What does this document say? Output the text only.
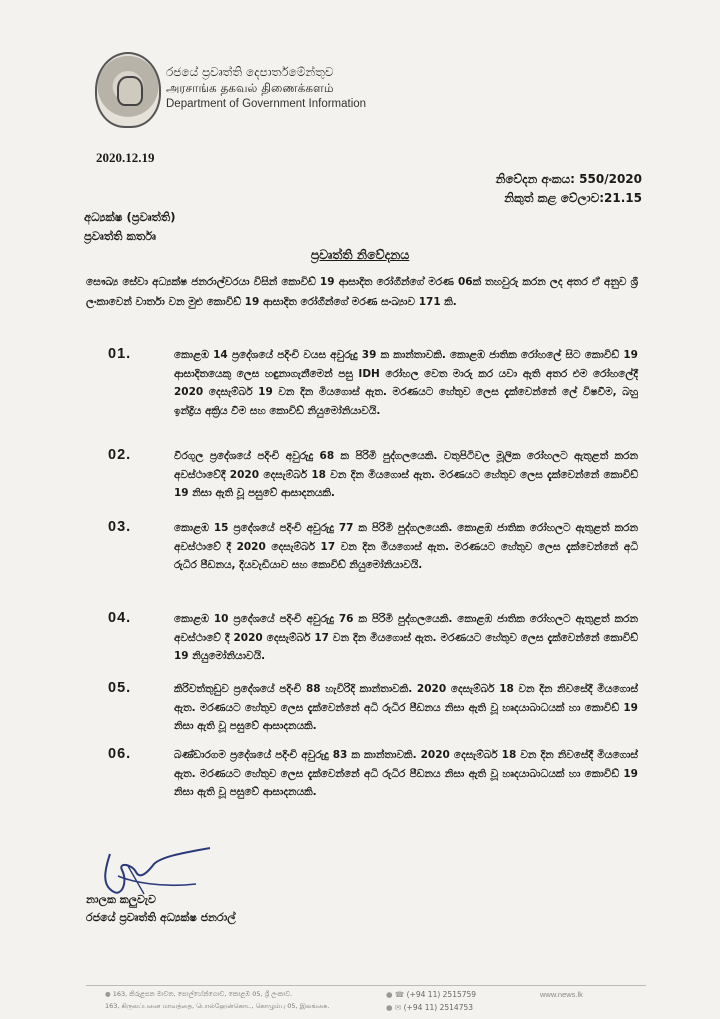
රජයේ ප්‍රවෘත්ති දෙපාර්තමේන්තුව
அரசாங்க தகவல் திணைக்களம்
Department of Government Information
2020.12.19
නිවේදන අංකය: 550/2020
නිකුත් කළ වේලාව:21.15
අධ්‍යක්ෂ (ප්‍රවෘත්ති)
ප්‍රවෘත්ති කර්තෘ
ප්‍රවෘත්ති නිවේදනය
සෞඛ්‍ය සේවා අධ්‍යක්ෂ ජනරාල්වරයා විසින් කොවිඩ් 19 ආසාදිත රෝගීන්ගේ මරණ 06ක් තහවුරු කරන ලද අතර ඒ අනුව ශ්‍රී ලංකාවෙන් වාර්තා වන මුළු කොවිඩ් 19 ආසාදිත රෝගීන්ගේ මරණ සංඛ්‍යාව 171 කි.
01.	කොළඹ 14 ප්‍රදේශයේ පදිංචි වයස අවුරුදු 39 ක කාන්තාවකි. කොළඹ ජාතික රෝහලේ සිට කොවිඩ් 19 ආසාදිතයෙකු ලෙස හඳුනාගැනීමෙන් පසු IDH රෝහල වෙත මාරු කර යවා ඇති අතර එම රෝහලේදී 2020 දෙසැම්බර් 19 වන දින මියගොස් ඇත. මරණයට හේතුව ලෙස දැක්වෙන්නේ ලේ විෂවීම, බහු ඉන්ද්‍රිය අක්‍රිය වීම සහ කොවිඩ් නියුමෝනියාවයි.
02.	වීරගුල ප්‍රදේශයේ පදිංචි අවුරුදු 68 ක පිරිමි පුද්ගලයෙකි. වතුපිටිවල මූලික රෝහලට ඇතුළත් කරන අවස්ථාවේදී 2020 දෙසැම්බර් 18 වන දින මියගොස් ඇත. මරණයට හේතුව ලෙස දැක්වෙන්නේ කොවිඩ් 19 නිසා ඇති වූ පසුවේ ආසාදනයකි.
03.	කොළඹ 15 ප්‍රදේශයේ පදිංචි අවුරුදු 77 ක පිරිමි පුද්ගලයෙකි. කොළඹ ජාතික රෝහලට ඇතුළත් කරන අවස්ථාවේ දී 2020 දෙසැම්බර් 17 වන දින මියගොස් ඇත. මරණයට හේතුව ලෙස දැක්වෙන්නේ අධි රුධිර පීඩනය, දියවැඩියාව සහ කොවිඩ් නියුමෝනියාවයි.
04.	කොළඹ 10 ප්‍රදේශයේ පදිංචි අවුරුදු 76 ක පිරිමි පුද්ගලයෙකි. කොළඹ ජාතික රෝහලට ඇතුළත් කරන අවස්ථාවේ දී 2020 දෙසැම්බර් 17 වන දින මියගොස් ඇත. මරණයට හේතුව ලෙස දැක්වෙන්නේ කොවිඩ් 19 නියුමෝනියාවයි.
05.	කිරිවත්තුඩුව ප්‍රදේශයේ පදිංචි 88 හැවිරිදි කාන්තාවකි. 2020 දෙසැම්බර් 18 වන දින නිවසේදී මියගොස් ඇත. මරණයට හේතුව ලෙස දැක්වෙන්නේ අධි රුධිර පීඩනය නිසා ඇති වූ හෘදයාබාධයක් හා කොවිඩ් 19 නිසා ඇති වූ පසුවේ ආසාදනයකි.
06.	බණ්ඩාරගම ප්‍රදේශයේ පදිංචි අවුරුදු 83 ක කාන්තාවකි. 2020 දෙසැම්බර් 18 වන දින නිවසේදී මියගොස් ඇත. මරණයට හේතුව ලෙස දැක්වෙන්නේ අධි රුධිර පීඩනය නිසා ඇති වූ හෘදයාබාධයක් හා කොවිඩ් 19 නිසා ඇති වූ පසුවේ ආසාදනයකි.
නාලක කලුවැව
රජයේ ප්‍රවෘත්ති අධ්‍යක්ෂ ජනරාල්
● 163, කිරුළපන මාවත, පොල්හේන්ගොඩ, කොළඹ 05, ශ්‍රී ලංකාව.
163, கிருலப்பனை மாவத்தை, பொல்ஹேன்கொட, கொழும்பு 05, இலங்கை.
● ☎ (+94 11) 2515759
● ✉ (+94 11) 2514753
www.news.lk
